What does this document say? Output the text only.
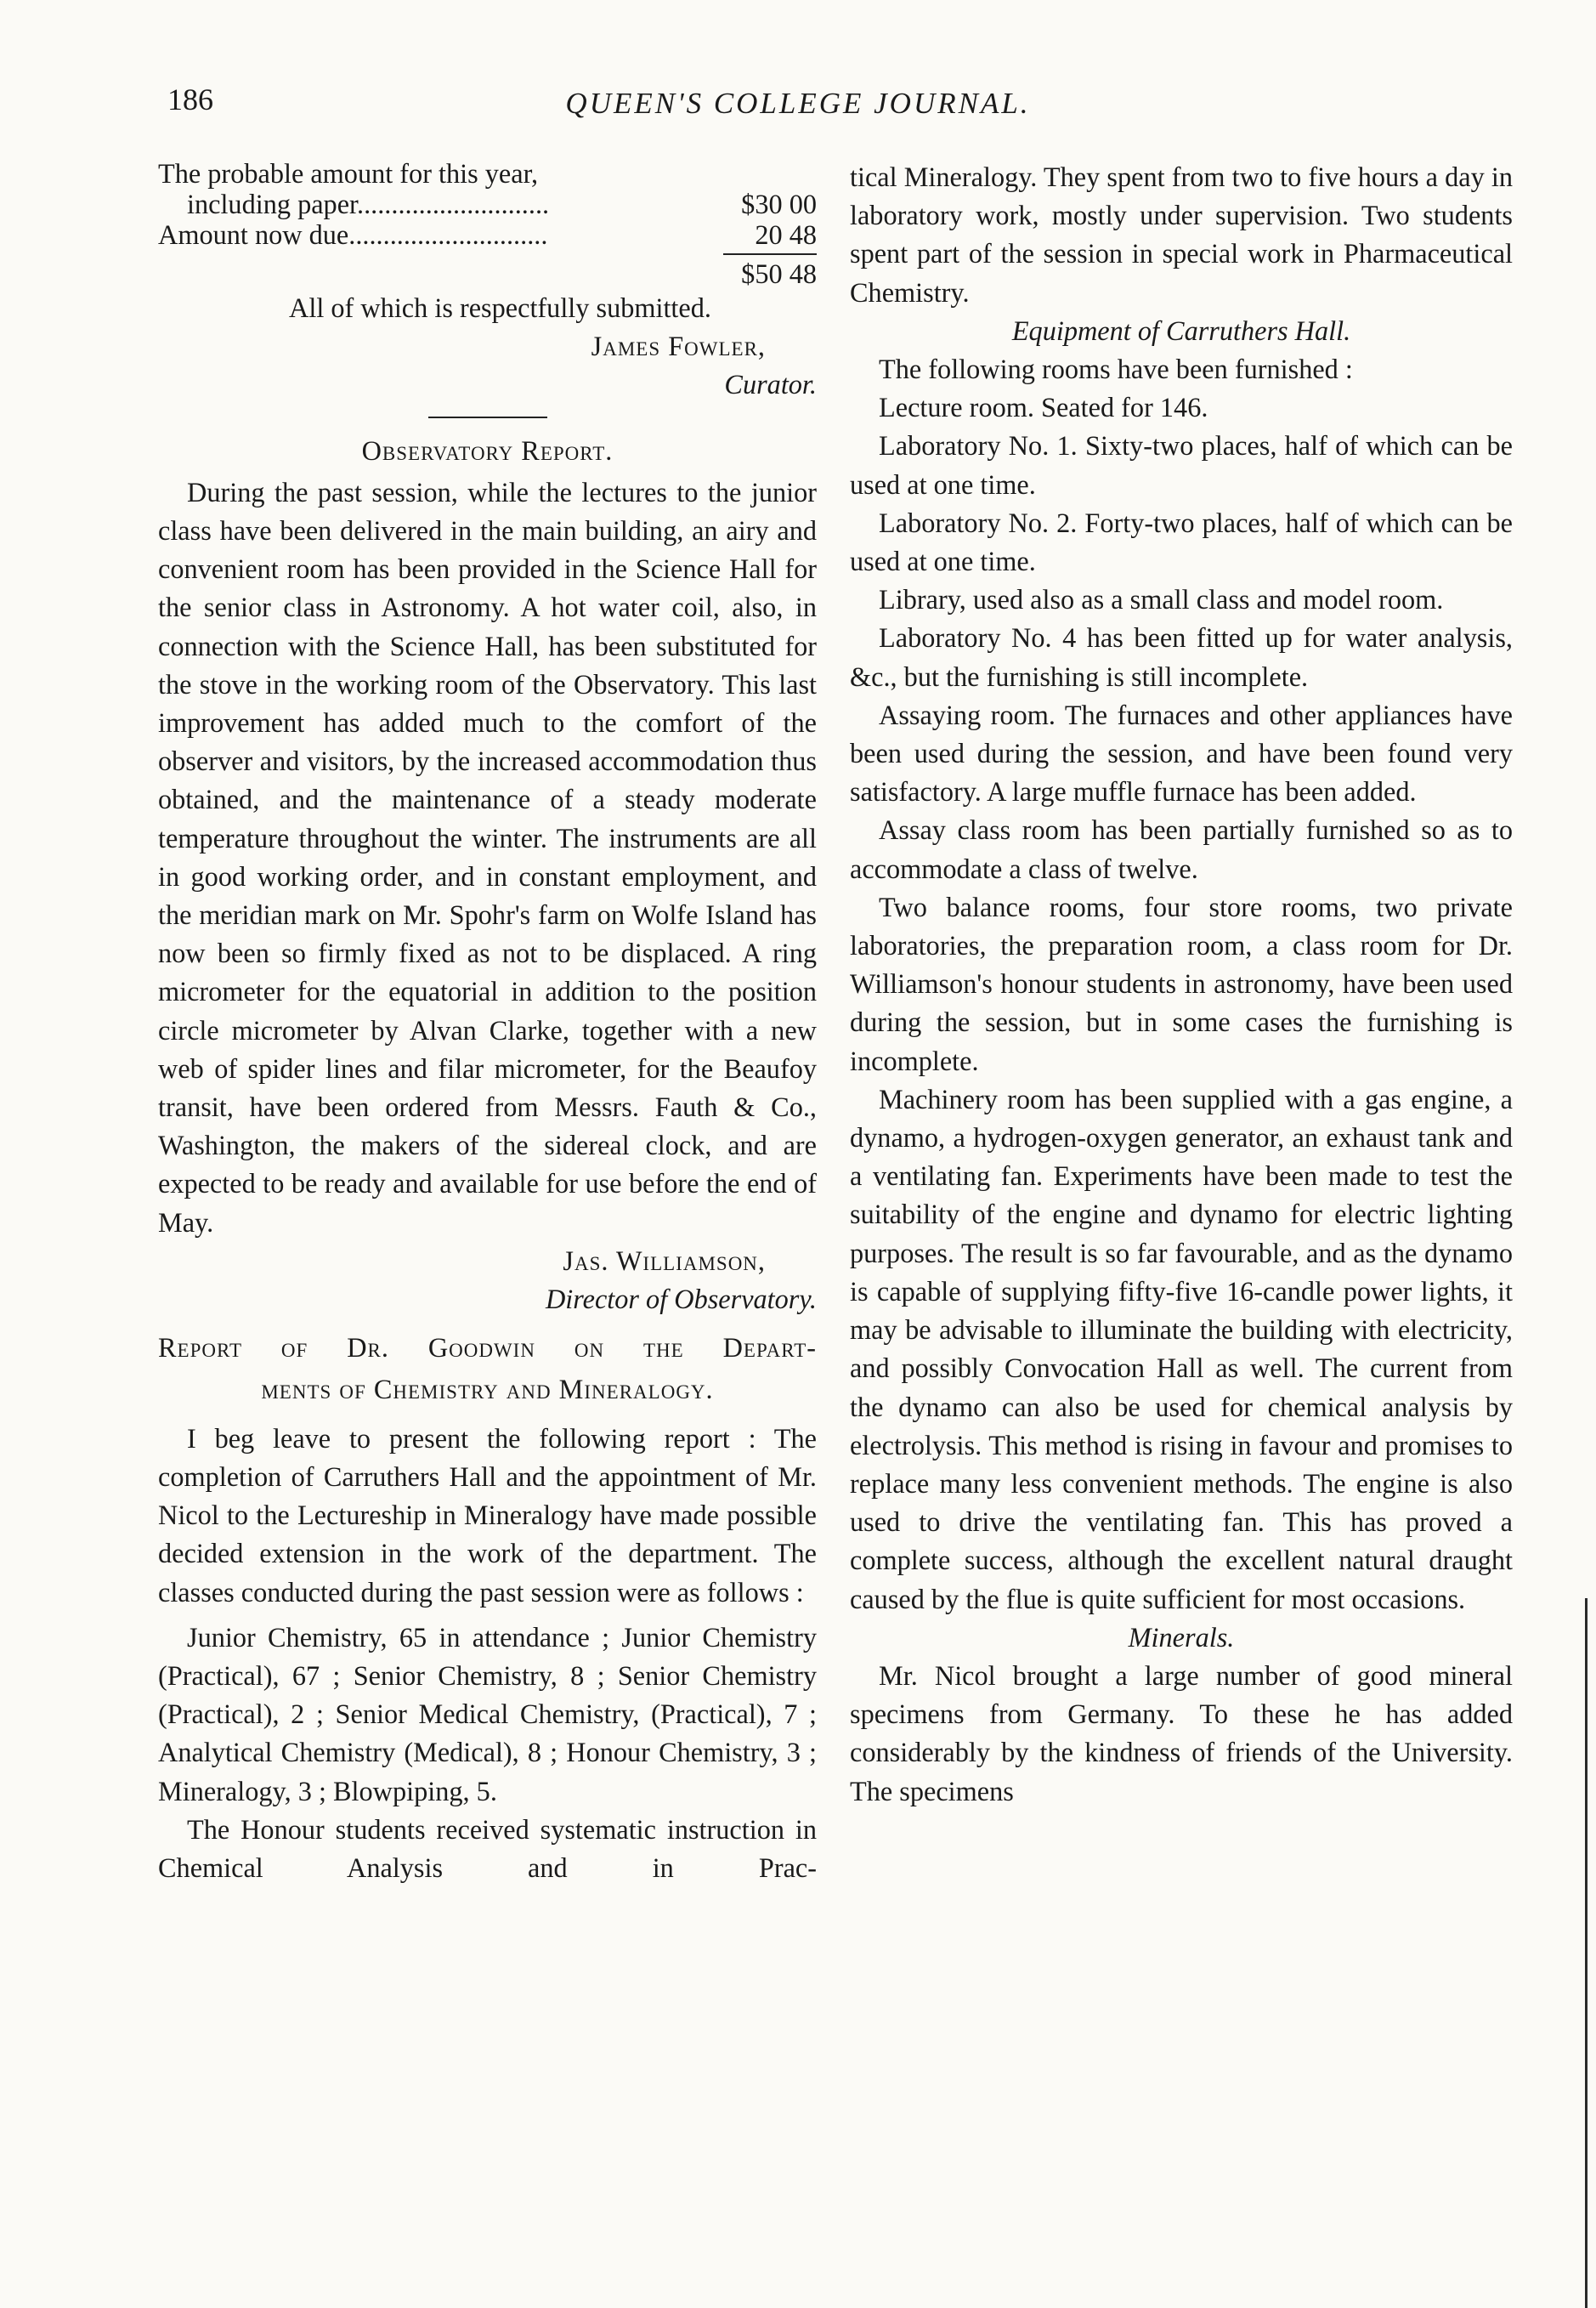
186	QUEEN'S COLLEGE JOURNAL.
The probable amount for this year,
including paper............................	$30 00
Amount now due.............................	20 48
$50 48

All of which is respectfully submitted.

James Fowler,

Curator.

Observatory Report.

During the past session, while the lectures to the junior class have been delivered in the main building, an airy and convenient room has been provided in the Science Hall for the senior class in Astronomy. A hot water coil, also, in connection with the Science Hall, has been substituted for the stove in the working room of the Observatory. This last improvement has added much to the comfort of the observer and visitors, by the increased accommodation thus obtained, and the maintenance of a steady moderate temperature throughout the winter. The instruments are all in good working order, and in constant employment, and the meridian mark on Mr. Spohr's farm on Wolfe Island has now been so firmly fixed as not to be displaced. A ring micrometer for the equatorial in addition to the position circle micrometer by Alvan Clarke, together with a new web of spider lines and filar micrometer, for the Beaufoy transit, have been ordered from Messrs. Fauth & Co., Washington, the makers of the sidereal clock, and are expected to be ready and available for use before the end of May.

Jas. Williamson,

Director of Observatory.

Report of Dr. Goodwin on the Depart-

ments of Chemistry and Mineralogy.

I beg leave to present the following report : The completion of Carruthers Hall and the appointment of Mr. Nicol to the Lectureship in Mineralogy have made possible decided extension in the work of the department. The classes conducted during the past session were as follows :

Junior Chemistry, 65 in attendance ; Junior Chemistry (Practical), 67 ; Senior Chemistry, 8 ; Senior Chemistry (Practical), 2 ; Senior Medical Chemistry, (Practical), 7 ; Analytical Chemistry (Medical), 8 ; Honour Chemistry, 3 ; Mineralogy, 3 ; Blowpiping, 5.

The Honour students received systematic instruction in Chemical Analysis and in Prac-

tical Mineralogy. They spent from two to five hours a day in laboratory work, mostly under supervision. Two students spent part of the session in special work in Pharmaceutical Chemistry.

Equipment of Carruthers Hall.

The following rooms have been furnished :

Lecture room. Seated for 146.

Laboratory No. 1. Sixty-two places, half of which can be used at one time.

Laboratory No. 2. Forty-two places, half of which can be used at one time.

Library, used also as a small class and model room.

Laboratory No. 4 has been fitted up for water analysis, &c., but the furnishing is still incomplete.

Assaying room. The furnaces and other appliances have been used during the session, and have been found very satisfactory. A large muffle furnace has been added.

Assay class room has been partially furnished so as to accommodate a class of twelve.

Two balance rooms, four store rooms, two private laboratories, the preparation room, a class room for Dr. Williamson's honour students in astronomy, have been used during the session, but in some cases the furnishing is incomplete.

Machinery room has been supplied with a gas engine, a dynamo, a hydrogen-oxygen generator, an exhaust tank and a ventilating fan. Experiments have been made to test the suitability of the engine and dynamo for electric lighting purposes. The result is so far favourable, and as the dynamo is capable of supplying fifty-five 16-candle power lights, it may be advisable to illuminate the building with electricity, and possibly Convocation Hall as well. The current from the dynamo can also be used for chemical analysis by electrolysis. This method is rising in favour and promises to replace many less convenient methods. The engine is also used to drive the ventilating fan. This has proved a complete success, although the excellent natural draught caused by the flue is quite sufficient for most occasions.

Minerals.

Mr. Nicol brought a large number of good mineral specimens from Germany. To these he has added considerably by the kindness of friends of the University. The specimens
